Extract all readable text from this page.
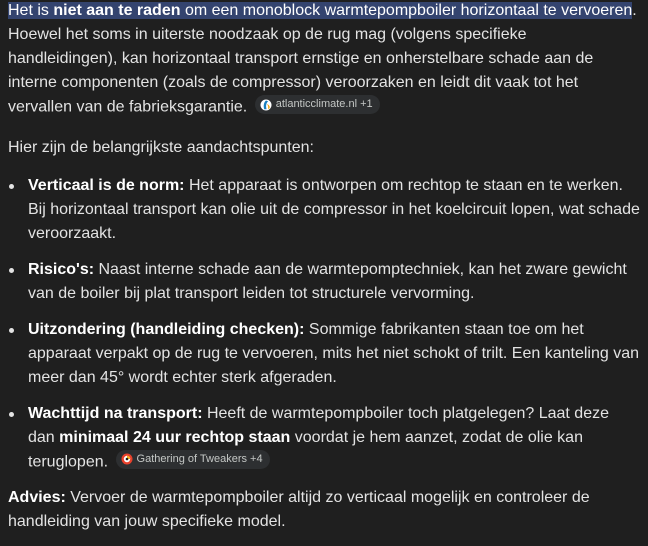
Het is niet aan te raden om een monoblock warmtepompboiler horizontaal te vervoeren. Hoewel het soms in uiterste noodzaak op de rug mag (volgens specifieke handleidingen), kan horizontaal transport ernstige en onherstelbare schade aan de interne componenten (zoals de compressor) veroorzaken en leidt dit vaak tot het vervallen van de fabrieksgarantie.	atlanticclimate.nl +1

Hier zijn de belangrijkste aandachtspunten:

Verticaal is de norm: Het apparaat is ontworpen om rechtop te staan en te werken. Bij horizontaal transport kan olie uit de compressor in het koelcircuit lopen, wat schade veroorzaakt.
Risico's: Naast interne schade aan de warmtepomptechniek, kan het zware gewicht van de boiler bij plat transport leiden tot structurele vervorming.
Uitzondering (handleiding checken): Sommige fabrikanten staan toe om het apparaat verpakt op de rug te vervoeren, mits het niet schokt of trilt. Een kanteling van meer dan 45° wordt echter sterk afgeraden.
Wachttijd na transport: Heeft de warmtepompboiler toch platgelegen? Laat deze dan minimaal 24 uur rechtop staan voordat je hem aanzet, zodat de olie kan teruglopen.	Gathering of Tweakers +4

Advies: Vervoer de warmtepompboiler altijd zo verticaal mogelijk en controleer de handleiding van jouw specifieke model.
